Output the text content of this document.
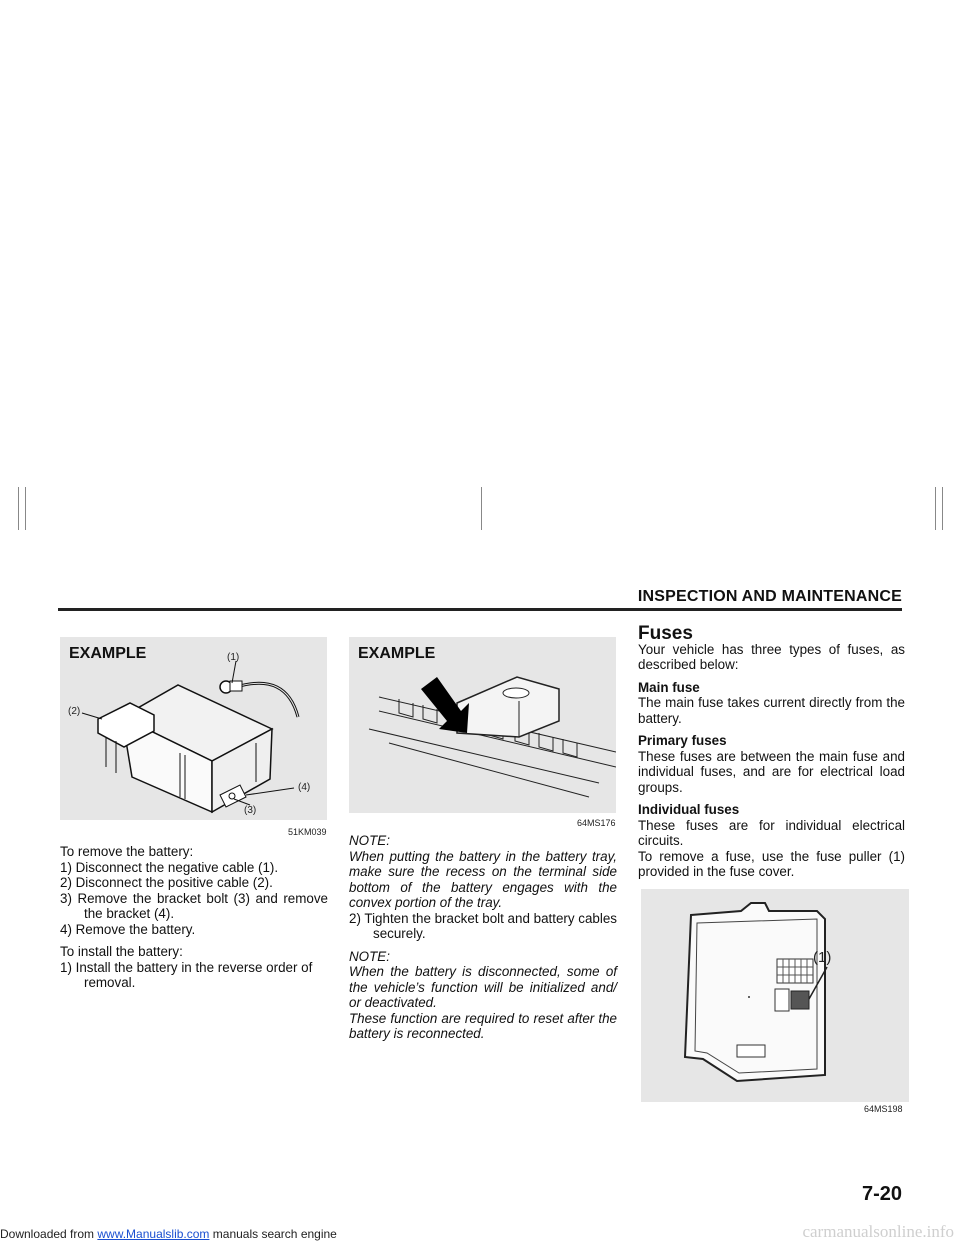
INSPECTION AND MAINTENANCE
EXAMPLE	(1)
(2)
(3)
(4)
51KM039

To remove the battery:

1) Disconnect the negative cable (1).

2) Disconnect the positive cable (2).

3) Remove the bracket bolt (3) and remove the bracket (4).

4) Remove the battery.

To install the battery:

1) Install the battery in the reverse order of removal.

EXAMPLE
64MS176

NOTE:

When putting the battery in the battery tray, make sure the recess on the terminal side bottom of the battery engages with the convex portion of the tray.

2) Tighten the bracket bolt and battery cables securely.

NOTE:

When the battery is disconnected, some of the vehicle’s function will be initialized and/ or deactivated.

These function are required to reset after the battery is reconnected.

Fuses

Your vehicle has three types of fuses, as described below:

Main fuse

The main fuse takes current directly from the battery.

Primary fuses

These fuses are between the main fuse and individual fuses, and are for electrical load groups.

Individual fuses

These fuses are for individual electrical circuits.

To remove a fuse, use the fuse puller (1) provided in the fuse cover.

(1)
64MS198
7-20
carmanualsonline.info
Downloaded from www.Manualslib.com manuals search engine
